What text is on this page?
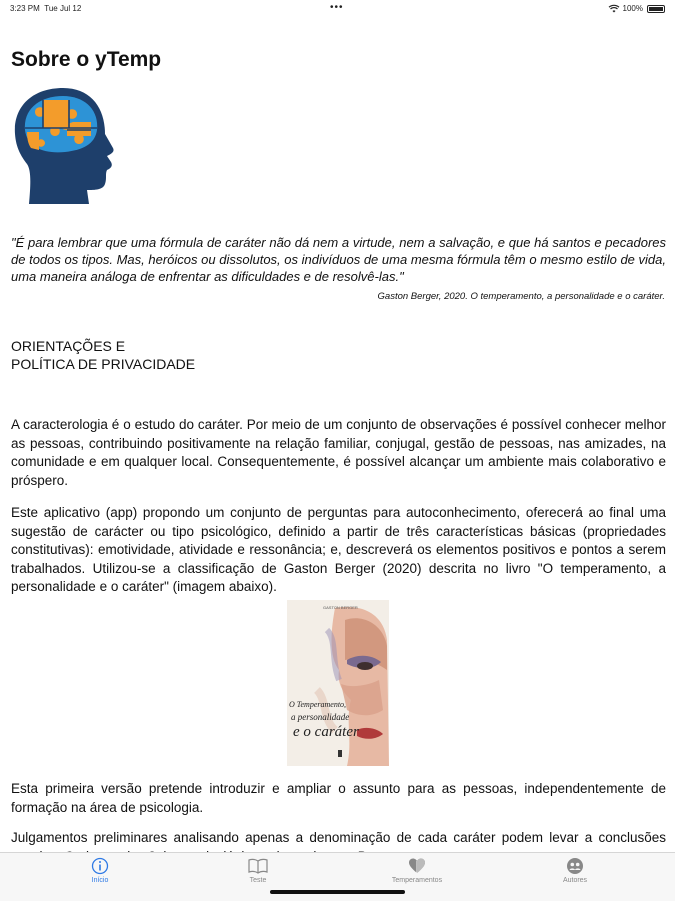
3:23 PM Tue Jul 12	•••	100%
Sobre o yTemp
"É para lembrar que uma fórmula de caráter não dá nem a virtude, nem a salvação, e que há santos e pecadores de todos os tipos. Mas, heróicos ou dissolutos, os indivíduos de uma mesma fórmula têm o mesmo estilo de vida, uma maneira análoga de enfrentar as dificuldades e de resolvê-las."
Gaston Berger, 2020. O temperamento, a personalidade e o caráter.
ORIENTAÇÕES E
POLÍTICA DE PRIVACIDADE

A caracterologia é o estudo do caráter. Por meio de um conjunto de observações é possível conhecer melhor as pessoas, contribuindo positivamente na relação familiar, conjugal, gestão de pessoas, nas amizades, na comunidade e em qualquer local. Consequentemente, é possível alcançar um ambiente mais colaborativo e próspero.

Este aplicativo (app) propondo um conjunto de perguntas para autoconhecimento, oferecerá ao final uma sugestão de carácter ou tipo psicológico, definido a partir de três características básicas (propriedades constitutivas): emotividade, atividade e ressonância; e, descreverá os elementos positivos e pontos a serem trabalhados. Utilizou-se a classificação de Gaston Berger (2020) descrita no livro "O temperamento, a personalidade e o caráter" (imagem abaixo).

GASTON BERGER
O Temperamento,
a personalidade
e o caráter

Esta primeira versão pretende introduzir e ampliar o assunto para as pessoas, independentemente de formação na área de psicologia.

Julgamentos preliminares analisando apenas a denominação de cada caráter podem levar a conclusões

Início	Teste	Temperamentos	Autores
